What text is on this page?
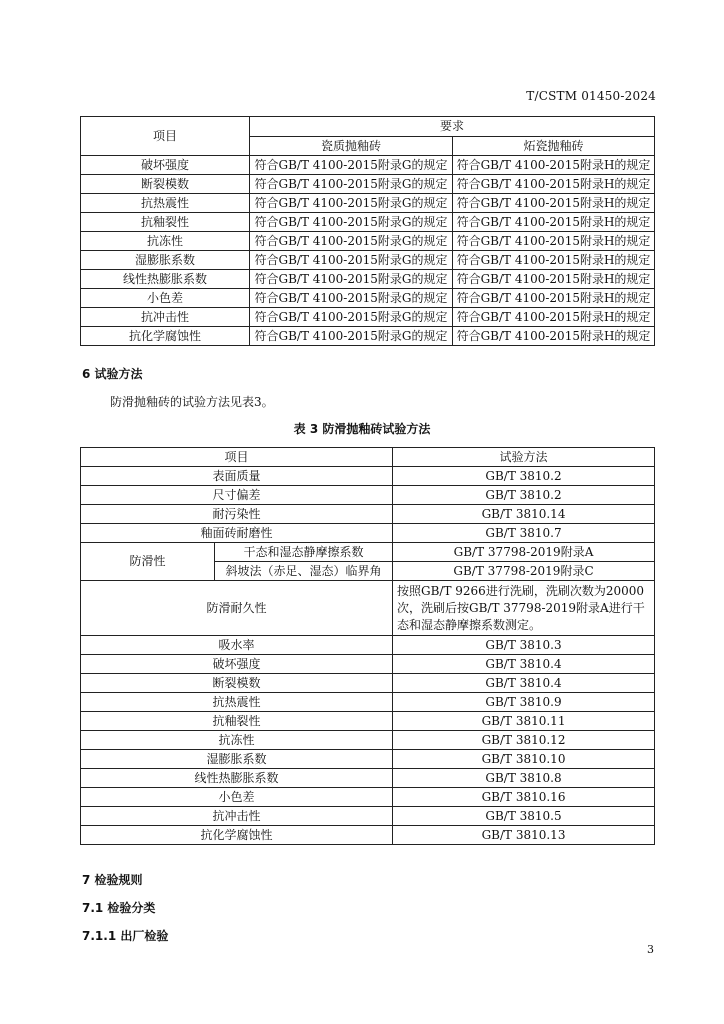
T/CSTM 01450-2024
项目	要求	
	瓷质抛釉砖	炻瓷抛釉砖
破坏强度	符合GB/T 4100-2015附录G的规定	符合GB/T 4100-2015附录H的规定
断裂模数	符合GB/T 4100-2015附录G的规定	符合GB/T 4100-2015附录H的规定
抗热震性	符合GB/T 4100-2015附录G的规定	符合GB/T 4100-2015附录H的规定
抗釉裂性	符合GB/T 4100-2015附录G的规定	符合GB/T 4100-2015附录H的规定
抗冻性	符合GB/T 4100-2015附录G的规定	符合GB/T 4100-2015附录H的规定
湿膨胀系数	符合GB/T 4100-2015附录G的规定	符合GB/T 4100-2015附录H的规定
线性热膨胀系数	符合GB/T 4100-2015附录G的规定	符合GB/T 4100-2015附录H的规定
小色差	符合GB/T 4100-2015附录G的规定	符合GB/T 4100-2015附录H的规定
抗冲击性	符合GB/T 4100-2015附录G的规定	符合GB/T 4100-2015附录H的规定
抗化学腐蚀性	符合GB/T 4100-2015附录G的规定	符合GB/T 4100-2015附录H的规定
6 试验方法
防滑抛釉砖的试验方法见表3。
表 3 防滑抛釉砖试验方法
项目		试验方法
表面质量		GB/T 3810.2
尺寸偏差		GB/T 3810.2
耐污染性		GB/T 3810.14
釉面砖耐磨性		GB/T 3810.7
防滑性	干态和湿态静摩擦系数	GB/T 37798-2019附录A
	斜坡法（赤足、湿态）临界角	GB/T 37798-2019附录C
防滑耐久性		按照GB/T 9266进行洗刷，洗刷次数为20000次，洗刷后按GB/T 37798-2019附录A进行干态和湿态静摩擦系数测定。
吸水率		GB/T 3810.3
破坏强度		GB/T 3810.4
断裂模数		GB/T 3810.4
抗热震性		GB/T 3810.9
抗釉裂性		GB/T 3810.11
抗冻性		GB/T 3810.12
湿膨胀系数		GB/T 3810.10
线性热膨胀系数		GB/T 3810.8
小色差		GB/T 3810.16
抗冲击性		GB/T 3810.5
抗化学腐蚀性		GB/T 3810.13
7 检验规则
7.1 检验分类
7.1.1 出厂检验
3
